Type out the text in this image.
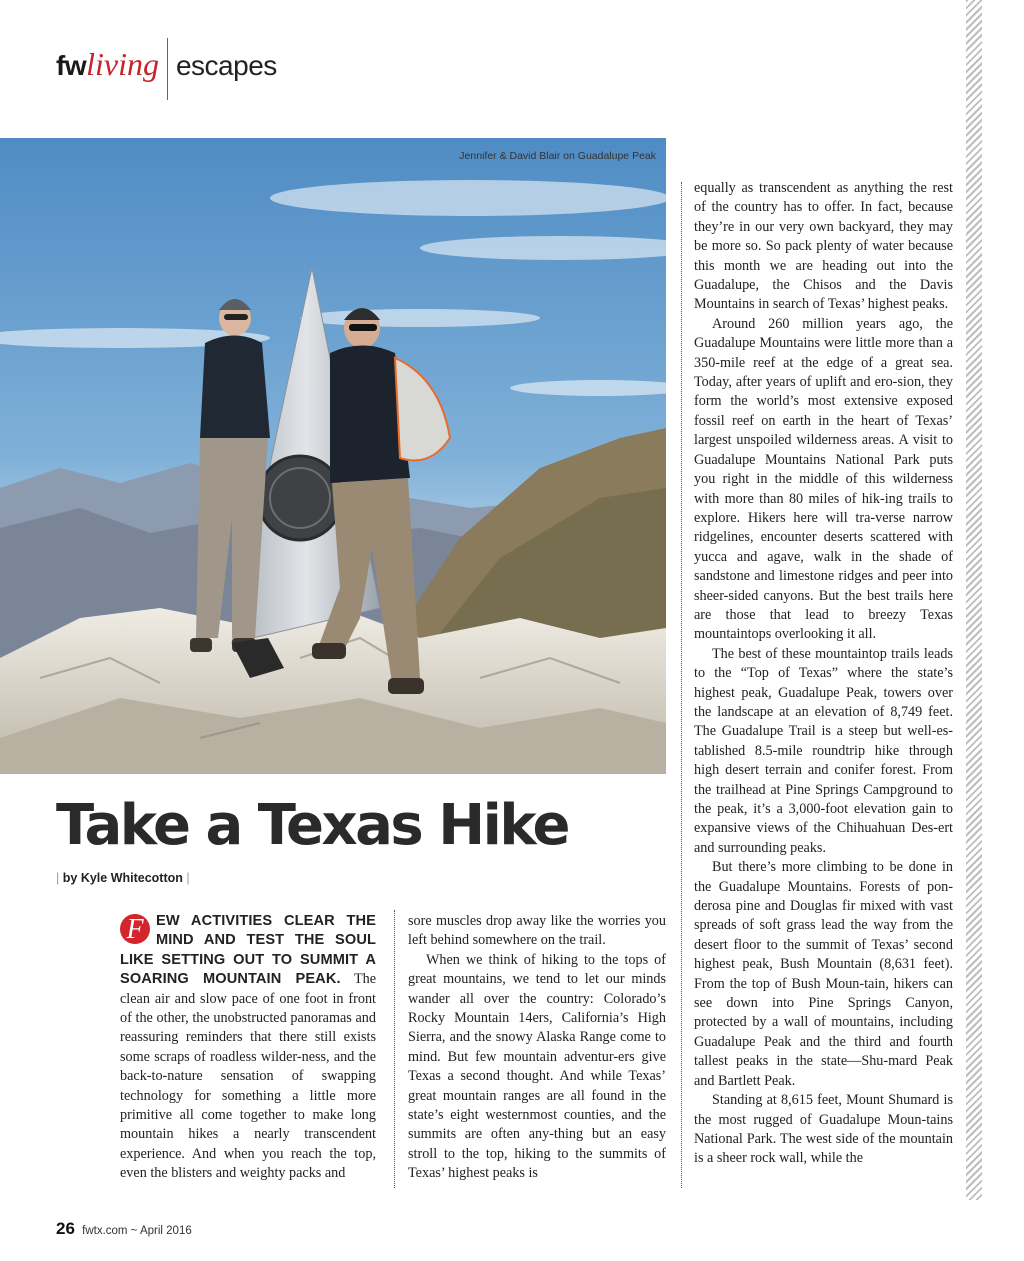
fwliving escapes
Jennifer & David Blair on Guadalupe Peak
Take a Texas Hike
| by Kyle Whitecotton |

F EW ACTIVITIES CLEAR THE MIND AND TEST THE SOUL LIKE SETTING OUT TO SUMMIT A SOARING MOUNTAIN PEAK. The clean air and slow pace of one foot in front of the other, the unobstructed panoramas and reassuring reminders that there still exists some scraps of roadless wilder-ness, and the back-to-nature sensation of swapping technology for something a little more primitive all come together to make long mountain hikes a nearly transcendent experience. And when you reach the top, even the blisters and weighty packs and

sore muscles drop away like the worries you left behind somewhere on the trail.

When we think of hiking to the tops of great mountains, we tend to let our minds wander all over the country: Colorado’s Rocky Mountain 14ers, California’s High Sierra, and the snowy Alaska Range come to mind. But few mountain adventur-ers give Texas a second thought. And while Texas’ great mountain ranges are all found in the state’s eight westernmost counties, and the summits are often any-thing but an easy stroll to the top, hiking to the summits of Texas’ highest peaks is

equally as transcendent as anything the rest of the country has to offer. In fact, because they’re in our very own backyard, they may be more so. So pack plenty of water because this month we are heading out into the Guadalupe, the Chisos and the Davis Mountains in search of Texas’ highest peaks.

Around 260 million years ago, the Guadalupe Mountains were little more than a 350-mile reef at the edge of a great sea. Today, after years of uplift and ero-sion, they form the world’s most extensive exposed fossil reef on earth in the heart of Texas’ largest unspoiled wilderness areas. A visit to Guadalupe Mountains National Park puts you right in the middle of this wilderness with more than 80 miles of hik-ing trails to explore. Hikers here will tra-verse narrow ridgelines, encounter deserts scattered with yucca and agave, walk in the shade of sandstone and limestone ridges and peer into sheer-sided canyons. But the best trails here are those that lead to breezy Texas mountaintops overlooking it all.

The best of these mountaintop trails leads to the “Top of Texas” where the state’s highest peak, Guadalupe Peak, towers over the landscape at an elevation of 8,749 feet. The Guadalupe Trail is a steep but well-es-tablished 8.5-mile roundtrip hike through high desert terrain and conifer forest. From the trailhead at Pine Springs Campground to the peak, it’s a 3,000-foot elevation gain to expansive views of the Chihuahuan Des-ert and surrounding peaks.

But there’s more climbing to be done in the Guadalupe Mountains. Forests of pon-derosa pine and Douglas fir mixed with vast spreads of soft grass lead the way from the desert floor to the summit of Texas’ second highest peak, Bush Mountain (8,631 feet). From the top of Bush Moun-tain, hikers can see down into Pine Springs Canyon, protected by a wall of mountains, including Guadalupe Peak and the third and fourth tallest peaks in the state—Shu-mard Peak and Bartlett Peak.

Standing at 8,615 feet, Mount Shumard is the most rugged of Guadalupe Moun-tains National Park. The west side of the mountain is a sheer rock wall, while the

26 fwtx.com ~ April 2016
